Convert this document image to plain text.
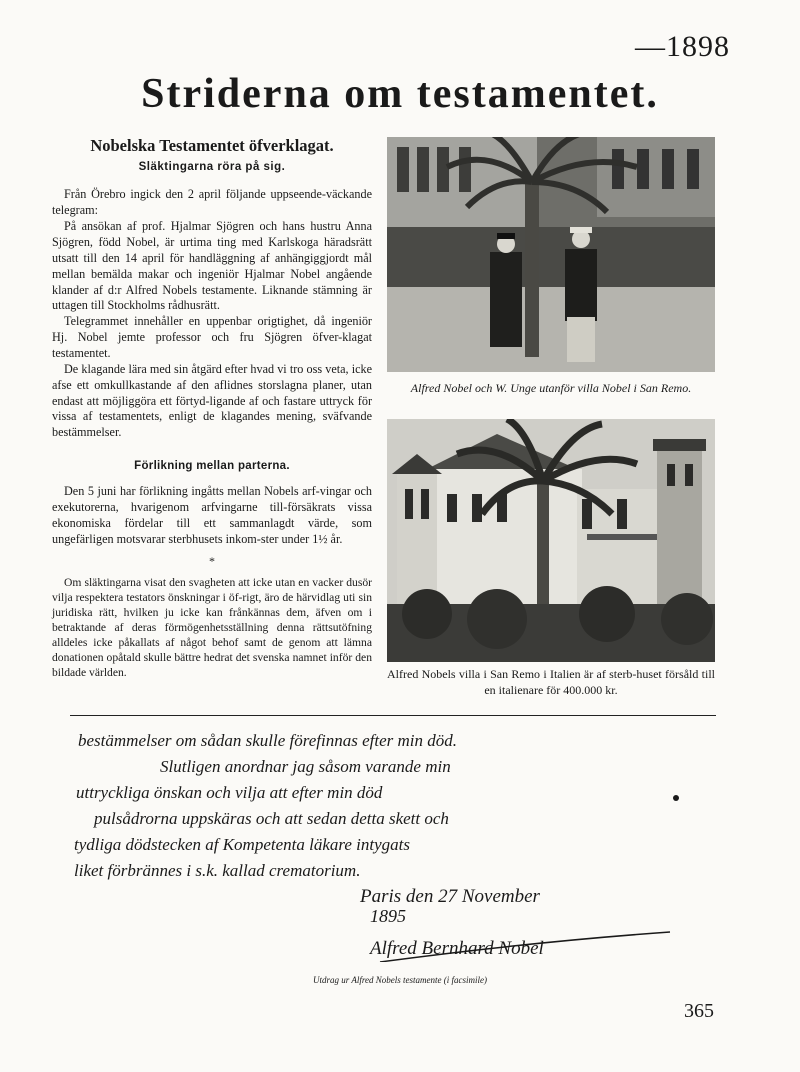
—1898
Striderna om testamentet.
Nobelska Testamentet öfverklagat.
Släktingarna röra på sig.

Från Örebro ingick den 2 april följande uppseende-väckande telegram:

På ansökan af prof. Hjalmar Sjögren och hans hustru Anna Sjögren, född Nobel, är urtima ting med Karlskoga häradsrätt utsatt till den 14 april för handläggning af anhängiggjordt mål mellan bemälda makar och ingeniör Hjalmar Nobel angående klander af d:r Alfred Nobels testamente. Liknande stämning är uttagen till Stockholms rådhusrätt.

Telegrammet innehåller en uppenbar origtighet, då ingeniör Hj. Nobel jemte professor och fru Sjögren öfver-klagat testamentet.

De klagande lära med sin åtgärd efter hvad vi tro oss veta, icke afse ett omkullkastande af den aflidnes storslagna planer, utan endast att möjliggöra ett förtyd-ligande af och fastare uttryck för vissa af testamentets, enligt de klagandes mening, sväfvande bestämmelser.

Förlikning mellan parterna.

Den 5 juni har förlikning ingåtts mellan Nobels arf-vingar och exekutorerna, hvarigenom arfvingarne till-försäkrats vissa ekonomiska fördelar till ett sammanlagdt värde, som ungefärligen motsvarar sterbhusets inkom-ster under 1½ år.

*

Om släktingarna visat den svagheten att icke utan en vacker dusör vilja respektera testators önskningar i öf-rigt, äro de härvidlag uti sin juridiska rätt, hvilken ju icke kan frånkännas dem, äfven om i betraktande af deras förmögenhetsställning denna rättsutöfning alldeles icke påkallats af något behof samt de genom att lämna donationen opåtald skulle bättre hedrat det svenska namnet inför den bildade världen.

Alfred Nobel och W. Unge utanför villa Nobel i San Remo.
Alfred Nobels villa i San Remo i Italien är af sterb-huset försåld till en italienare för 400.000 kr.
bestämmelser om sådan skulle förefinnas efter min död.
Slutligen anordnar jag såsom varande min
uttryckliga önskan och vilja att efter min död
pulsådrorna uppskäras och att sedan detta skett och
tydliga dödstecken af Kompetenta läkare intygats
liket förbrännes i s.k. kallad crematorium.
Paris den 27 November
1895
Alfred Bernhard Nobel
Utdrag ur Alfred Nobels testamente (i facsimile)
365
